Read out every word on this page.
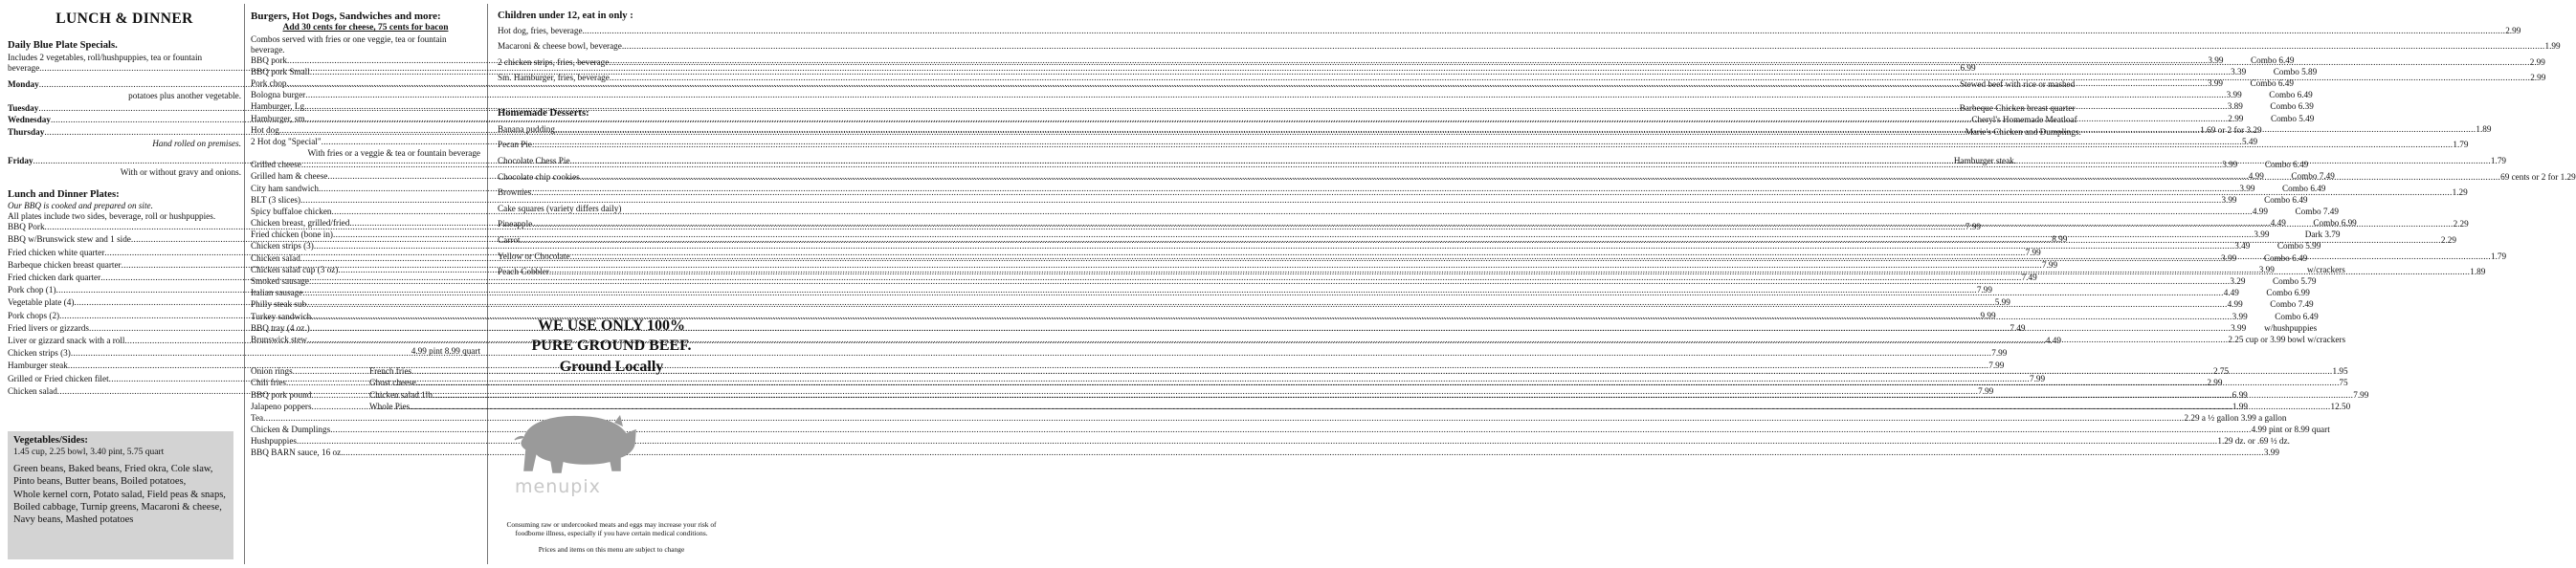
LUNCH & DINNER
Daily Blue Plate Specials.
Includes 2 vegetables, roll/hushpuppies, tea or fountain
beverage .....	6.99
Monday .....	Stewed beef with rice or mashed
potatoes plus another vegetable.
Tuesday .....	Barbeque Chicken breast quarter
Wednesday .....	Cheryl's Homemade Meatloaf
Thursday .....	Marie's Chicken and Dumplings.
Hand rolled on premises.
Friday .....	Hamburger steak.
With or without gravy and onions.
Lunch and Dinner Plates:
Our BBQ is cooked and prepared on site.
All plates include two sides, beverage, roll or hushpuppies.
BBQ Pork .....	7.99
BBQ w/Brunswick stew and 1 side .....	8.99
Fried chicken white quarter .....	7.99
Barbeque chicken breast quarter .....	7.99
Fried chicken dark quarter .....	7.49
Pork chop (1) .....	7.99
Vegetable plate (4) .....	5.99
Pork chops (2) .....	9.99
Fried livers or gizzards .....	7.49
Liver or gizzard snack with a roll .....	4.49
Chicken strips (3) .....	7.99
Hamburger steak .....	7.99
Grilled or Fried chicken filet .....	7.99
Chicken salad .....	7.99
Vegetables/Sides:
1.45 cup, 2.25 bowl, 3.40 pint, 5.75 quart

Green beans, Baked beans, Fried okra, Cole slaw,

Pinto beans, Butter beans, Boiled potatoes,

Whole kernel corn, Potato salad, Field peas & snaps,

Boiled cabbage, Turnip greens, Macaroni & cheese,

Navy beans, Mashed potatoes

Burgers, Hot Dogs, Sandwiches and more:
Add 30 cents for cheese, 75 cents for bacon
Combos served with fries or one veggie, tea or fountain
beverage.
BBQ pork .....	3.99	Combo 6.49
BBQ pork Small .....	3.39	Combo 5.89
Pork chop .....	3.99	Combo 6.49
Bologna burger .....	3.99	Combo 6.49
Hamburger, Lg. .....	3.89	Combo 6.39
Hamburger, sm. .....	2.99	Combo 5.49
Hot dog .....	1.69 or 2 for 3.29
2 Hot dog "Special" .....	5.49
With fries or a veggie & tea or fountain beverage
Grilled cheese .....	3.99	Combo 6.49
Grilled ham & cheese .....	4.99	Combo 7.49
City ham sandwich .....	3.99	Combo 6.49
BLT (3 slices) .....	3.99	Combo 6.49
Spicy buffaloe chicken .....	4.99	Combo 7.49
Chicken breast, grilled/fried .....	4.49	Combo 6.99
Fried chicken (bone in) .....	3.99	Dark 3.79
Chicken strips (3) .....	3.49	Combo 5.99
Chicken salad .....	3.99	Combo 6.49
Chicken salad cup (3 oz) .....	3.99	w/crackers
Smoked sausage .....	3.29	Combo 5.79
Italian sausage .....	4.49	Combo 6.99
Philly steak sub .....	4.99	Combo 7.49
Turkey sandwich .....	3.99	Combo 6.49
BBQ tray (4 oz.) .....	3.99	w/hushpuppies
Brunswick stew .....	2.25 cup or 3.99 bowl w/crackers
4.99 pint 8.99 quart
Onion rings .....	2.75
French fries .....	1.95
Chili fries .....	2.99
Ghost cheese .....	.75
BBQ pork pound .....	6.99
Chicken salad 1lb .....	7.99
Jalapeno poppers .....	1.99
Whole Pies .....	12.50
Tea .....	2.29 a ½ gallon 3.99 a gallon
Chicken & Dumplings .....	4.99 pint or 8.99 quart
Hushpuppies .....	1.29 dz. or .69 ½ dz.
BBQ BARN sauce, 16 oz. .....	3.99
Children under 12, eat in only :
Hot dog, fries, beverage. .....	2.99
Macaroni & cheese bowl, beverage. .....	1.99
2 chicken strips, fries, beverage .....	2.99
Sm. Hamburger, fries, beverage .....	2.99
Homemade Desserts:
Banana pudding .....	1.89
Pecan Pie .....	1.79
Chocolate Chess Pie .....	1.79
Chocolate chip cookies .....	69 cents or 2 for 1.29
Brownies .....	1.29
Cake squares (variety differs daily)
Pineapple .....	2.29
Carrot .....	2.29
Yellow or Chocolate .....	1.79
Peach Cobbler .....	1.89
WE USE ONLY 100%
PURE GROUND BEEF.
Ground Locally
menupix
Consuming raw or undercooked meats and eggs may increase your risk of foodborne illness, especially if you have certain medical conditions.
Prices and items on this menu are subject to change
